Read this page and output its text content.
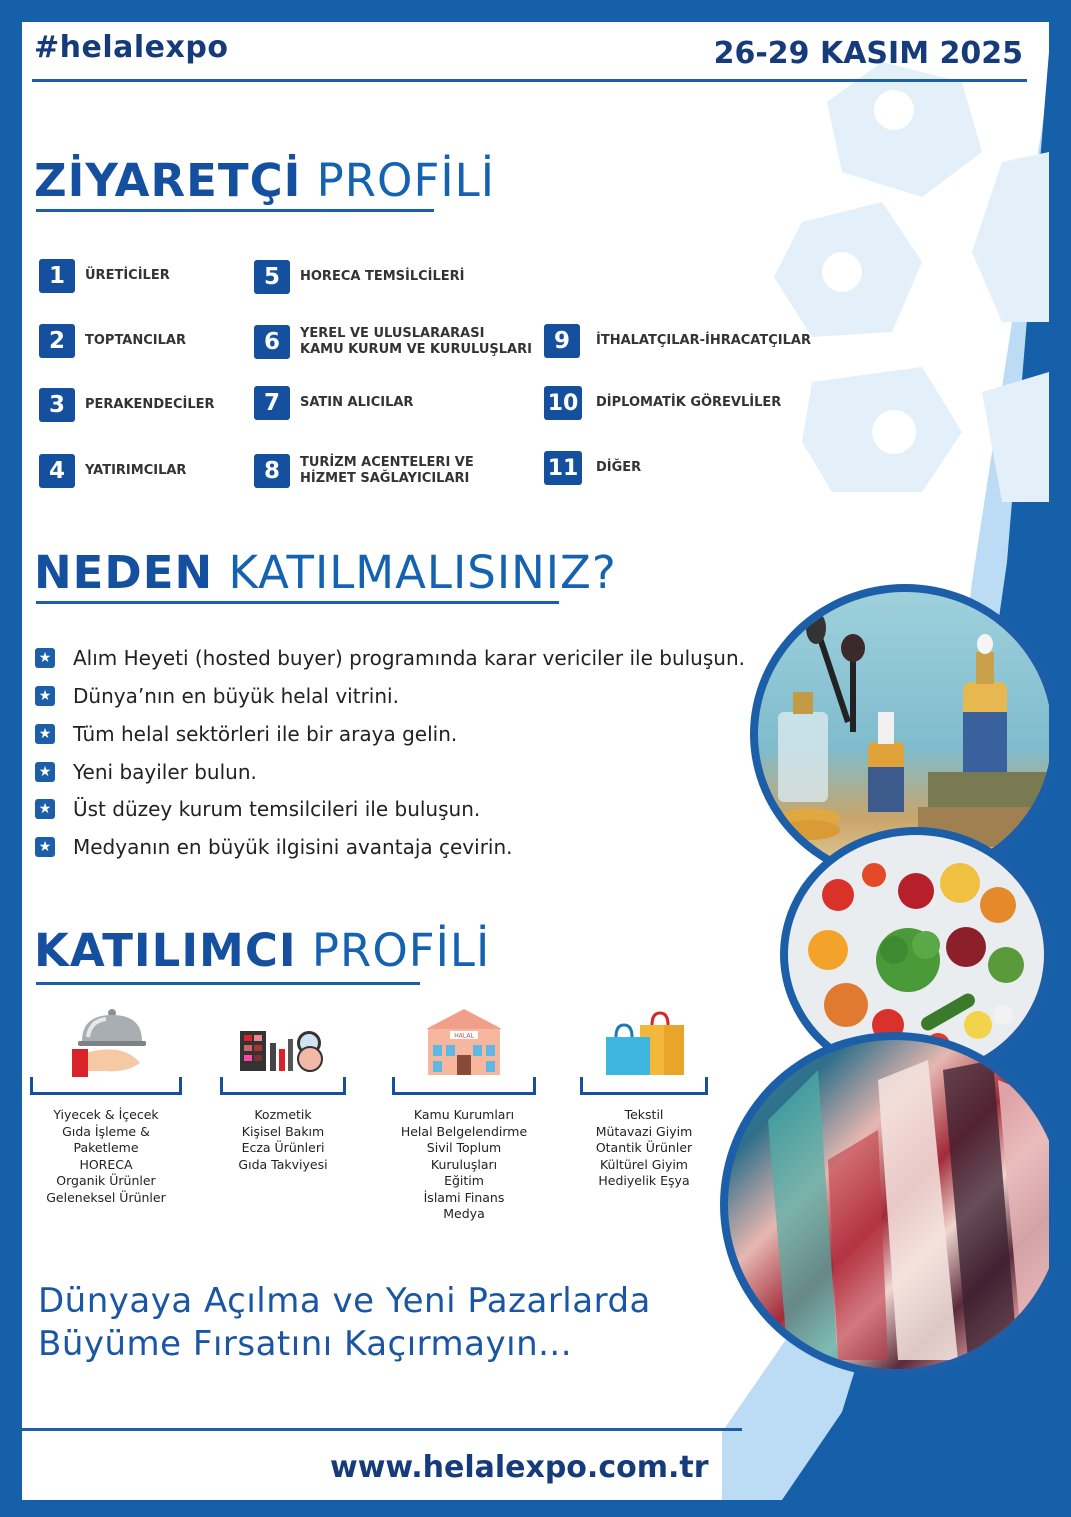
#helalexpo	26-29 KASIM 2025
ZİYARETÇİ PROFİLİ
1	ÜRETİCİLER
2	TOPTANCILAR
3	PERAKENDECİLER
4	YATIRIMCILAR
5	HORECA TEMSİLCİLERİ
6	YEREL VE ULUSLARARASI
KAMU KURUM VE KURULUŞLARI
7	SATIN ALICILAR
8	TURİZM ACENTELERI VE
HİZMET SAĞLAYICILARI
9	İTHALATÇILAR-İHRACATÇILAR
10 DİPLOMATİK GÖREVLİLER
11 DİĞER
NEDEN KATILMALISINIZ?
★ Alım Heyeti (hosted buyer) programında karar vericiler ile buluşun.
★ Dünya’nın en büyük helal vitrini.
★ Tüm helal sektörleri ile bir araya gelin.
★ Yeni bayiler bulun.
★ Üst düzey kurum temsilcileri ile buluşun.
★ Medyanın en büyük ilgisini avantaja çevirin.
KATILIMCI PROFİLİ
Yiyecek & İçecek
Gıda İşleme & Paketleme
HORECA
Organik Ürünler
Geleneksel Ürünler
Kozmetik
Kişisel Bakım
Ecza Ürünleri
Gıda Takviyesi
HALAL
Kamu Kurumları
Helal Belgelendirme
Sivil Toplum Kuruluşları
Eğitim
İslami Finans
Medya
Tekstil
Mütavazi Giyim
Otantik Ürünler
Kültürel Giyim
Hediyelik Eşya
Dünyaya Açılma ve Yeni Pazarlarda
Büyüme Fırsatını Kaçırmayın...
www.helalexpo.com.tr
